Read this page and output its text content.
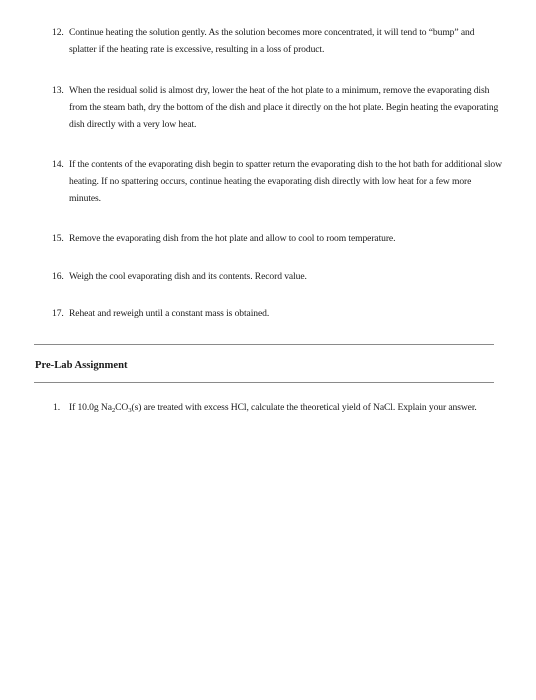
12. Continue heating the solution gently. As the solution becomes more concentrated, it will tend to “bump” and splatter if the heating rate is excessive, resulting in a loss of product.
13. When the residual solid is almost dry, lower the heat of the hot plate to a minimum, remove the evaporating dish from the steam bath, dry the bottom of the dish and place it directly on the hot plate. Begin heating the evaporating dish directly with a very low heat.
14. If the contents of the evaporating dish begin to spatter return the evaporating dish to the hot bath for additional slow heating. If no spattering occurs, continue heating the evaporating dish directly with low heat for a few more minutes.
15. Remove the evaporating dish from the hot plate and allow to cool to room temperature.
16. Weigh the cool evaporating dish and its contents. Record value.
17. Reheat and reweigh until a constant mass is obtained.
Pre-Lab Assignment
1. If 10.0g $Na_2CO_3(s)$ are treated with excess HCl, calculate the theoretical yield of NaCl. Explain your answer.
